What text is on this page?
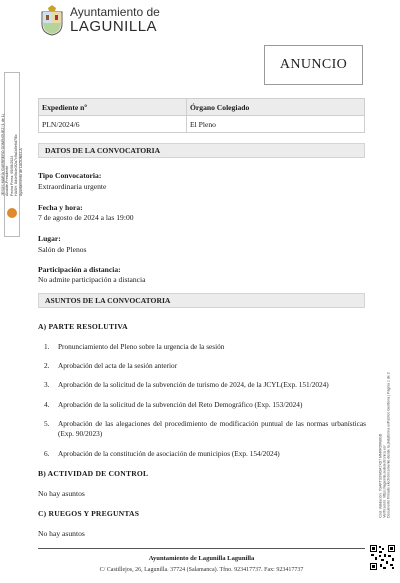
Ayuntamiento de
LAGUNILLA
ANUNCIO
Expediente nº	Órgano Colegiado
PLN/2024/6	El Pleno
DATOS DE LA CONVOCATORIA
Tipo Convocatoria:
Extraordinaria urgente
Fecha y hora:
7 de agosto de 2024 a las 19:00
Lugar:
Salón de Plenos
Participación a distancia:
No admite participación a distancia
ASUNTOS DE LA CONVOCATORIA
A) PARTE RESOLUTIVA
1.	Pronunciamiento del Pleno sobre la urgencia de la sesión
2.	Aprobación del acta de la sesión anterior
3.	Aprobación de la solicitud de la subvención de turismo de 2024, de la JCYL(Exp. 151/2024)
4.	Aprobación de la solicitud de la subvención del Reto Demográfico (Exp. 153/2024)
5.	Aprobación de las alegaciones del procedimiento de modificación puntual de las normas urbanísticas (Exp. 90/2023)
6.	Aprobación de la constitución de asociación de municipios (Exp. 154/2024)
B) ACTIVIDAD DE CONTROL
No hay asuntos
C) RUEGOS Y PREGUNTAS
No hay asuntos
Ayuntamiento de Lagunilla Lagunilla
C/ Castillejos, 26, Lagunilla. 37724 (Salamanca). Tfno. 923417737. Fax: 923417737
JESÚS MARÍA GUERRERO DOMÍNGUEZ (1 de 1) Alcalde-Presidente Fecha Firma: 05/08/2024 HASH: 8d4e0b4e3f2a7c9a1b5e6d7f8c Ayuntamiento de LAGUNILLA
Cód. Validación: 7GAPTS2WDA7XD7 MNRR99N8GD Verificación: https://lagunilla.sedelectronica.es/ Documento firmado electrónicamente desde la plataforma esPublico Gestiona | Página 1 de 2
